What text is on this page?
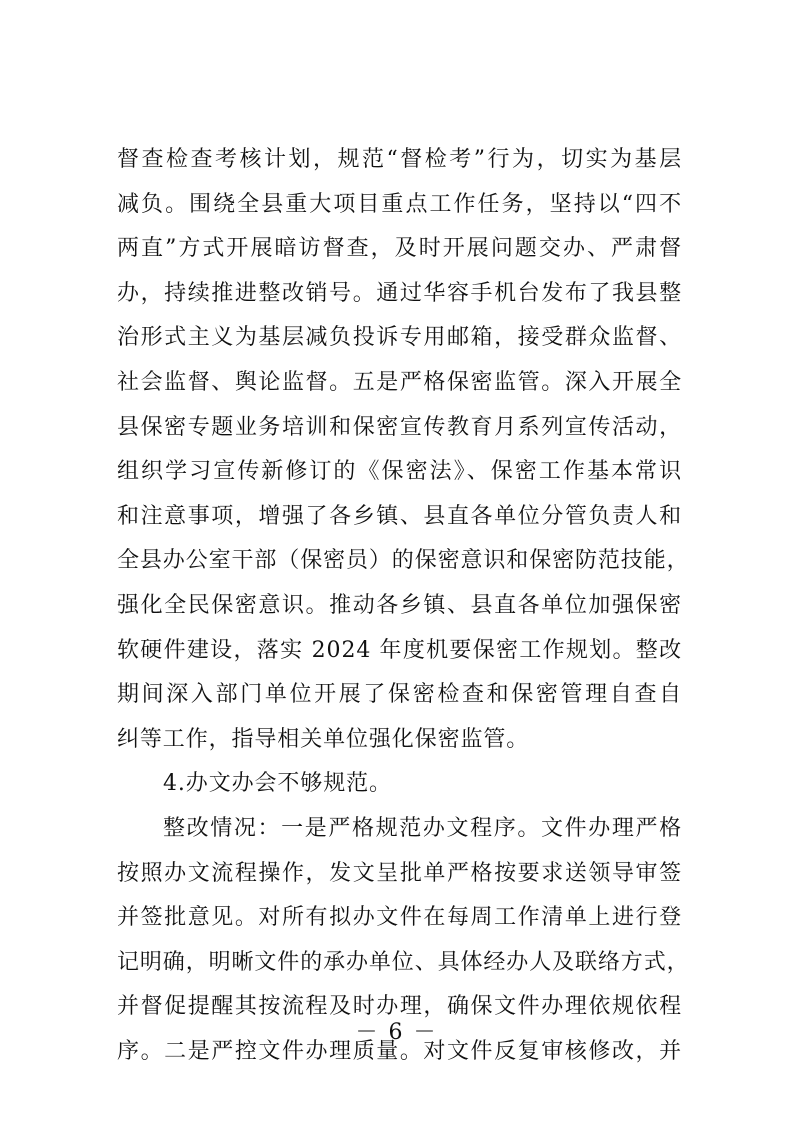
督查检查考核计划，规范“督检考”行为，切实为基层
减负。围绕全县重大项目重点工作任务，坚持以“四不
两直”方式开展暗访督查，及时开展问题交办、严肃督
办，持续推进整改销号。通过华容手机台发布了我县整
治形式主义为基层减负投诉专用邮箱，接受群众监督、
社会监督、舆论监督。五是严格保密监管。深入开展全
县保密专题业务培训和保密宣传教育月系列宣传活动，
组织学习宣传新修订的《保密法》、保密工作基本常识
和注意事项，增强了各乡镇、县直各单位分管负责人和
全县办公室干部（保密员）的保密意识和保密防范技能，
强化全民保密意识。推动各乡镇、县直各单位加强保密
软硬件建设，落实 2024 年度机要保密工作规划。整改
期间深入部门单位开展了保密检查和保密管理自查自
纠等工作，指导相关单位强化保密监管。
4.办文办会不够规范。
整改情况：一是严格规范办文程序。文件办理严格
按照办文流程操作，发文呈批单严格按要求送领导审签
并签批意见。对所有拟办文件在每周工作清单上进行登
记明确，明晰文件的承办单位、具体经办人及联络方式，
并督促提醒其按流程及时办理，确保文件办理依规依程
序。二是严控文件办理质量。对文件反复审核修改，并
－ 6 －
